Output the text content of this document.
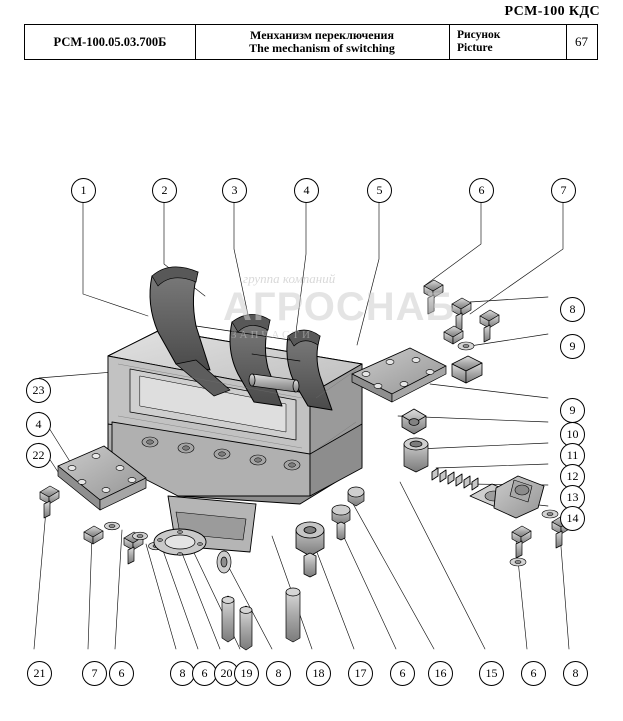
РСМ-100 КДС
РСМ-100.05.03.700Б	Менханизм переключения
The mechanism of switching
Рисунок
Picture	67
группа компаний
АГРОСНАБ
ЗАПЧАСТИ
1	2	3	4	5	6	7
8
9
9
10
11
12
13
14
23
4
22
21	7	6	8	6	20 19	8	18	17	6	16	15	6	8
